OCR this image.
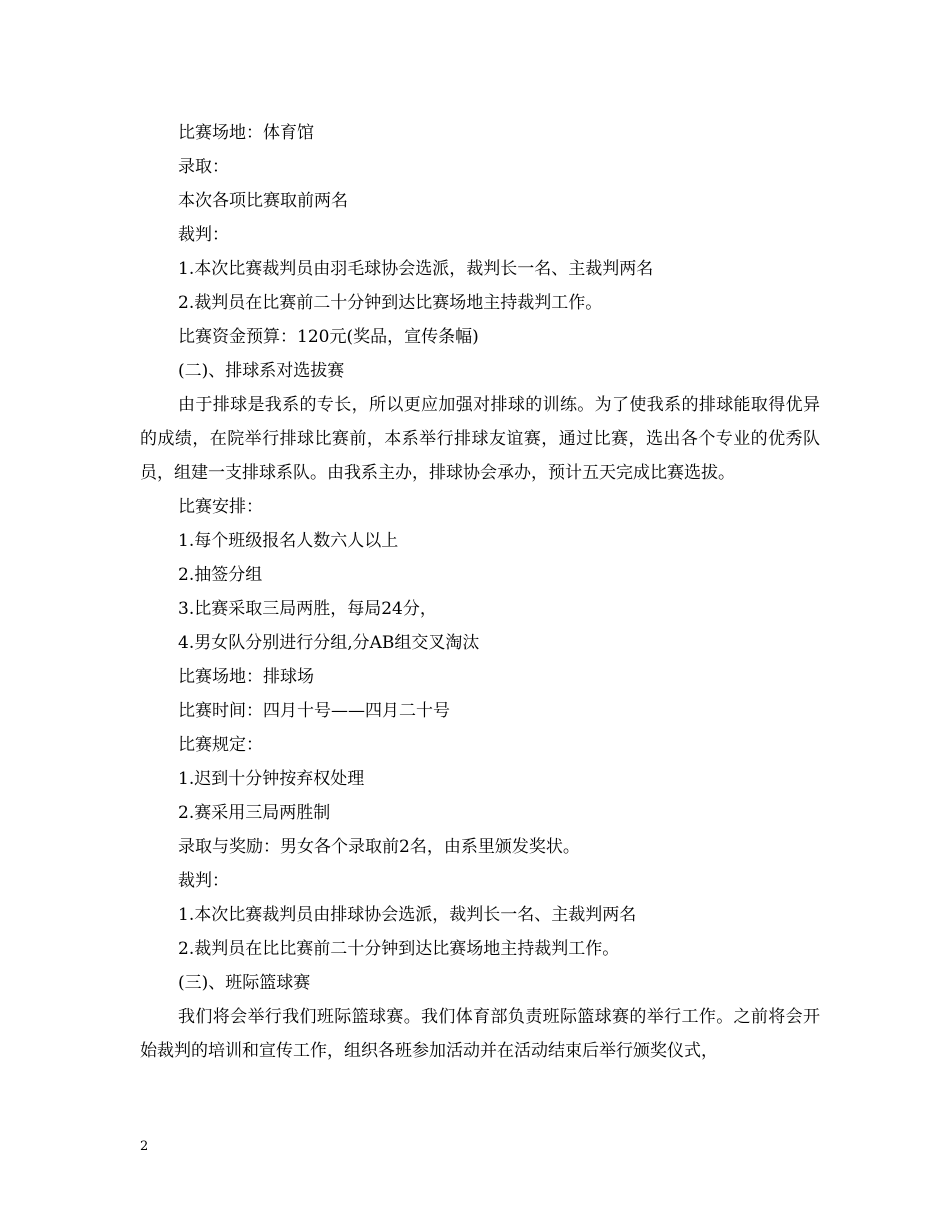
比赛场地：体育馆

录取：

本次各项比赛取前两名

裁判：

1.本次比赛裁判员由羽毛球协会选派，裁判长一名、主裁判两名

2.裁判员在比赛前二十分钟到达比赛场地主持裁判工作。

比赛资金预算：120元(奖品，宣传条幅)

(二)、排球系对选拔赛

由于排球是我系的专长，所以更应加强对排球的训练。为了使我系的排球能取得优异的成绩，在院举行排球比赛前，本系举行排球友谊赛，通过比赛，选出各个专业的优秀队员，组建一支排球系队。由我系主办，排球协会承办，预计五天完成比赛选拔。

比赛安排：

1.每个班级报名人数六人以上

2.抽签分组

3.比赛采取三局两胜，每局24分，

4.男女队分别进行分组,分AB组交叉淘汰

比赛场地：排球场

比赛时间：四月十号——四月二十号

比赛规定：

1.迟到十分钟按弃权处理

2.赛采用三局两胜制

录取与奖励：男女各个录取前2名，由系里颁发奖状。

裁判：

1.本次比赛裁判员由排球协会选派，裁判长一名、主裁判两名

2.裁判员在比比赛前二十分钟到达比赛场地主持裁判工作。

(三)、班际篮球赛

我们将会举行我们班际篮球赛。我们体育部负责班际篮球赛的举行工作。之前将会开始裁判的培训和宣传工作，组织各班参加活动并在活动结束后举行颁奖仪式，

2
